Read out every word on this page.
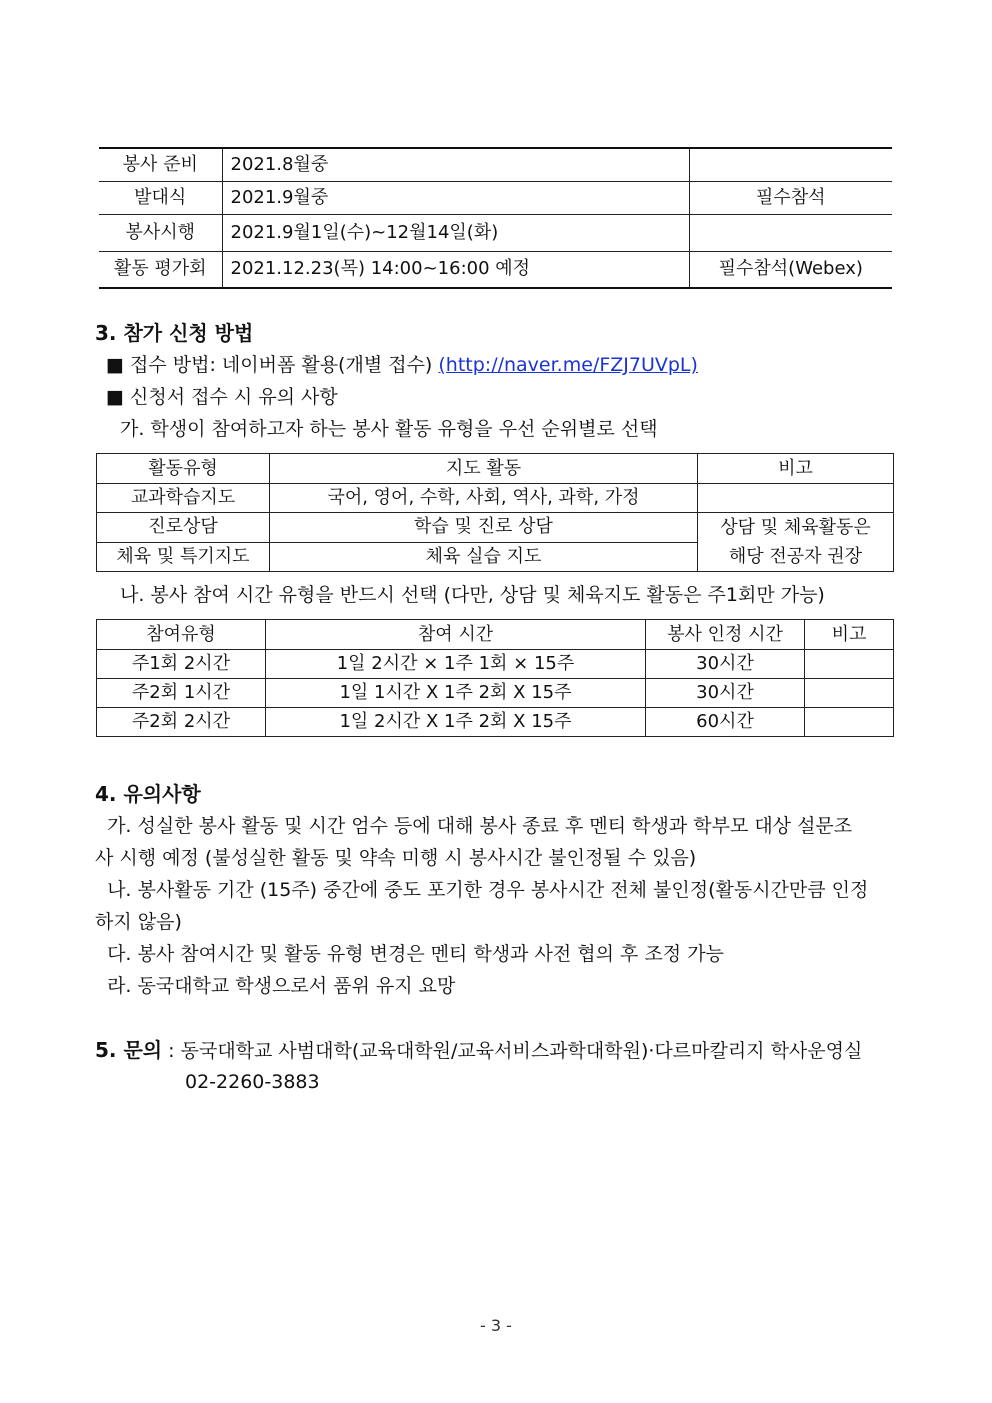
봉사 준비	2021.8월중	
발대식	2021.9월중	필수참석
봉사시행	2021.9월1일(수)~12월14일(화)	
활동 평가회	2021.12.23(목) 14:00~16:00 예정	필수참석(Webex)
3. 참가 신청 방법
■ 접수 방법: 네이버폼 활용(개별 접수) (http://naver.me/FZJ7UVpL)
■ 신청서 접수 시 유의 사항
가. 학생이 참여하고자 하는 봉사 활동 유형을 우선 순위별로 선택
활동유형	지도 활동	비고
교과학습지도	국어, 영어, 수학, 사회, 역사, 과학, 가정	
진로상담	학습 및 진로 상담	상담 및 체육활동은
해당 전공자 권장

체육 및 특기지도	체육 실습 지도	
나. 봉사 참여 시간 유형을 반드시 선택 (다만, 상담 및 체육지도 활동은 주1회만 가능)
참여유형	참여 시간	봉사 인정 시간	비고
주1회 2시간	1일 2시간 × 1주 1회 × 15주	30시간	
주2회 1시간	1일 1시간 X 1주 2회 X 15주	30시간	
주2회 2시간	1일 2시간 X 1주 2회 X 15주	60시간	
4. 유의사항
가. 성실한 봉사 활동 및 시간 엄수 등에 대해 봉사 종료 후 멘티 학생과 학부모 대상 설문조
사 시행 예정 (불성실한 활동 및 약속 미행 시 봉사시간 불인정될 수 있음)
나. 봉사활동 기간 (15주) 중간에 중도 포기한 경우 봉사시간 전체 불인정(활동시간만큼 인정
하지 않음)
다. 봉사 참여시간 및 활동 유형 변경은 멘티 학생과 사전 협의 후 조정 가능
라. 동국대학교 학생으로서 품위 유지 요망
5. 문의 : 동국대학교 사범대학(교육대학원/교육서비스과학대학원)·다르마칼리지 학사운영실
02-2260-3883
- 3 -
